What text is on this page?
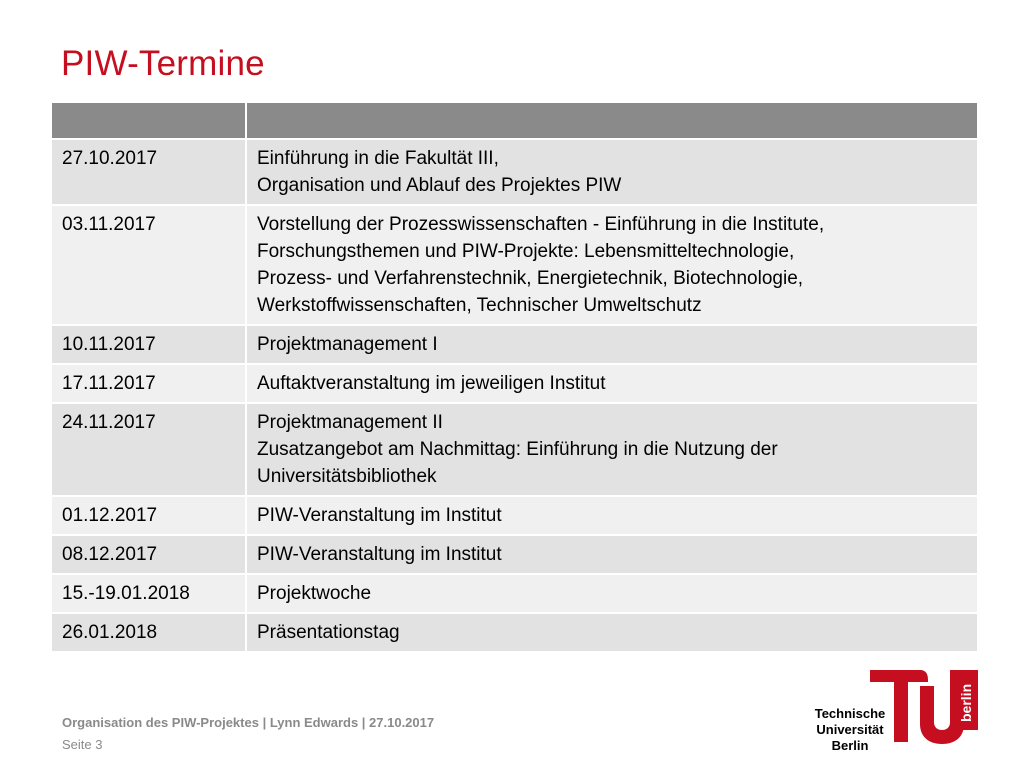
PIW-Termine

27.10.2017	Einführung in die Fakultät III,
Organisation und Ablauf des Projektes PIW

03.11.2017	Vorstellung der Prozesswissenschaften - Einführung in die Institute,
Forschungsthemen und PIW-Projekte: Lebensmitteltechnologie,
Prozess- und Verfahrenstechnik, Energietechnik, Biotechnologie,
Werkstoffwissenschaften, Technischer Umweltschutz

10.11.2017	Projektmanagement I

17.11.2017	Auftaktveranstaltung im jeweiligen Institut

24.11.2017	Projektmanagement II
Zusatzangebot am Nachmittag: Einführung in die Nutzung der
Universitätsbibliothek

01.12.2017	PIW-Veranstaltung im Institut

08.12.2017	PIW-Veranstaltung im Institut

15.-19.01.2018	Projektwoche

26.01.2018	Präsentationstag
Organisation des PIW-Projektes | Lynn Edwards | 27.10.2017
Seite 3
Technische
Universität
Berlin
berlin
